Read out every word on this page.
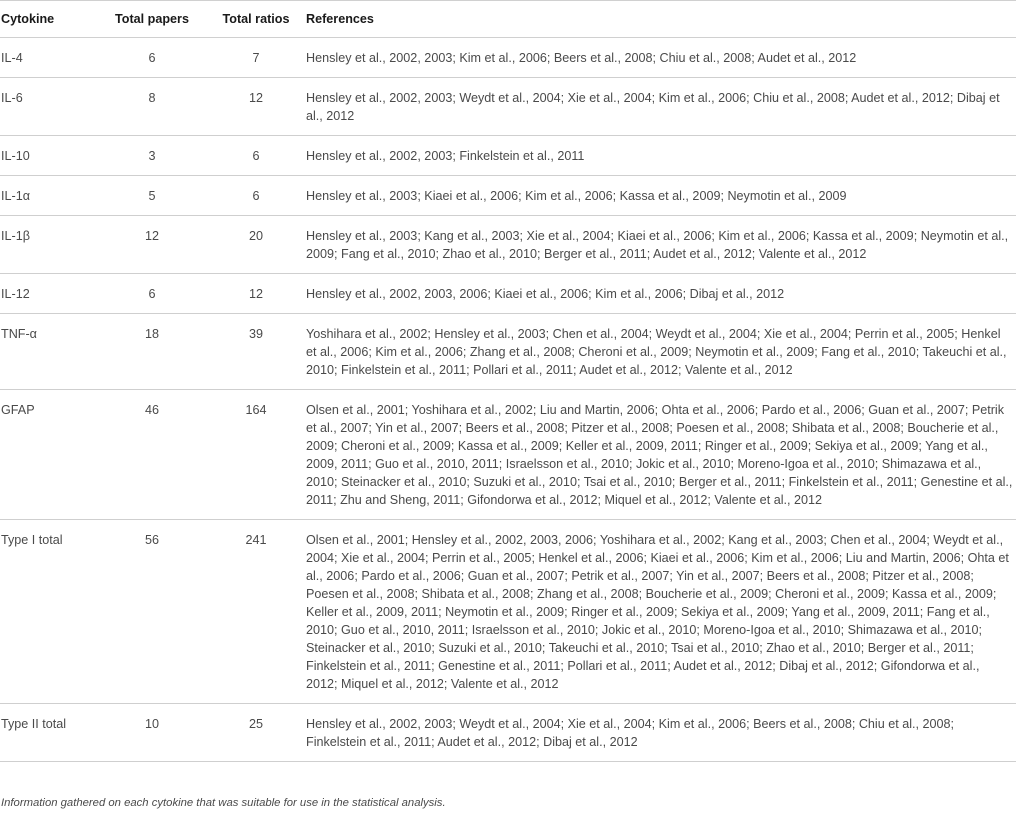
Cytokine	Total papers	Total ratios	References
IL-4	6	7	Hensley et al., 2002, 2003; Kim et al., 2006; Beers et al., 2008; Chiu et al., 2008; Audet et al., 2012
IL-6	8	12	Hensley et al., 2002, 2003; Weydt et al., 2004; Xie et al., 2004; Kim et al., 2006; Chiu et al., 2008; Audet et al., 2012; Dibaj et al., 2012
IL-10	3	6	Hensley et al., 2002, 2003; Finkelstein et al., 2011
IL-1α	5	6	Hensley et al., 2003; Kiaei et al., 2006; Kim et al., 2006; Kassa et al., 2009; Neymotin et al., 2009
IL-1β	12	20	Hensley et al., 2003; Kang et al., 2003; Xie et al., 2004; Kiaei et al., 2006; Kim et al., 2006; Kassa et al., 2009; Neymotin et al., 2009; Fang et al., 2010; Zhao et al., 2010; Berger et al., 2011; Audet et al., 2012; Valente et al., 2012
IL-12	6	12	Hensley et al., 2002, 2003, 2006; Kiaei et al., 2006; Kim et al., 2006; Dibaj et al., 2012
TNF-α	18	39	Yoshihara et al., 2002; Hensley et al., 2003; Chen et al., 2004; Weydt et al., 2004; Xie et al., 2004; Perrin et al., 2005; Henkel et al., 2006; Kim et al., 2006; Zhang et al., 2008; Cheroni et al., 2009; Neymotin et al., 2009; Fang et al., 2010; Takeuchi et al., 2010; Finkelstein et al., 2011; Pollari et al., 2011; Audet et al., 2012; Valente et al., 2012
GFAP	46	164	Olsen et al., 2001; Yoshihara et al., 2002; Liu and Martin, 2006; Ohta et al., 2006; Pardo et al., 2006; Guan et al., 2007; Petrik et al., 2007; Yin et al., 2007; Beers et al., 2008; Pitzer et al., 2008; Poesen et al., 2008; Shibata et al., 2008; Boucherie et al., 2009; Cheroni et al., 2009; Kassa et al., 2009; Keller et al., 2009, 2011; Ringer et al., 2009; Sekiya et al., 2009; Yang et al., 2009, 2011; Guo et al., 2010, 2011; Israelsson et al., 2010; Jokic et al., 2010; Moreno-Igoa et al., 2010; Shimazawa et al., 2010; Steinacker et al., 2010; Suzuki et al., 2010; Tsai et al., 2010; Berger et al., 2011; Finkelstein et al., 2011; Genestine et al., 2011; Zhu and Sheng, 2011; Gifondorwa et al., 2012; Miquel et al., 2012; Valente et al., 2012
Type I total	56	241	Olsen et al., 2001; Hensley et al., 2002, 2003, 2006; Yoshihara et al., 2002; Kang et al., 2003; Chen et al., 2004; Weydt et al., 2004; Xie et al., 2004; Perrin et al., 2005; Henkel et al., 2006; Kiaei et al., 2006; Kim et al., 2006; Liu and Martin, 2006; Ohta et al., 2006; Pardo et al., 2006; Guan et al., 2007; Petrik et al., 2007; Yin et al., 2007; Beers et al., 2008; Pitzer et al., 2008; Poesen et al., 2008; Shibata et al., 2008; Zhang et al., 2008; Boucherie et al., 2009; Cheroni et al., 2009; Kassa et al., 2009; Keller et al., 2009, 2011; Neymotin et al., 2009; Ringer et al., 2009; Sekiya et al., 2009; Yang et al., 2009, 2011; Fang et al., 2010; Guo et al., 2010, 2011; Israelsson et al., 2010; Jokic et al., 2010; Moreno-Igoa et al., 2010; Shimazawa et al., 2010; Steinacker et al., 2010; Suzuki et al., 2010; Takeuchi et al., 2010; Tsai et al., 2010; Zhao et al., 2010; Berger et al., 2011; Finkelstein et al., 2011; Genestine et al., 2011; Pollari et al., 2011; Audet et al., 2012; Dibaj et al., 2012; Gifondorwa et al., 2012; Miquel et al., 2012; Valente et al., 2012
Type II total	10	25	Hensley et al., 2002, 2003; Weydt et al., 2004; Xie et al., 2004; Kim et al., 2006; Beers et al., 2008; Chiu et al., 2008; Finkelstein et al., 2011; Audet et al., 2012; Dibaj et al., 2012
Information gathered on each cytokine that was suitable for use in the statistical analysis.
